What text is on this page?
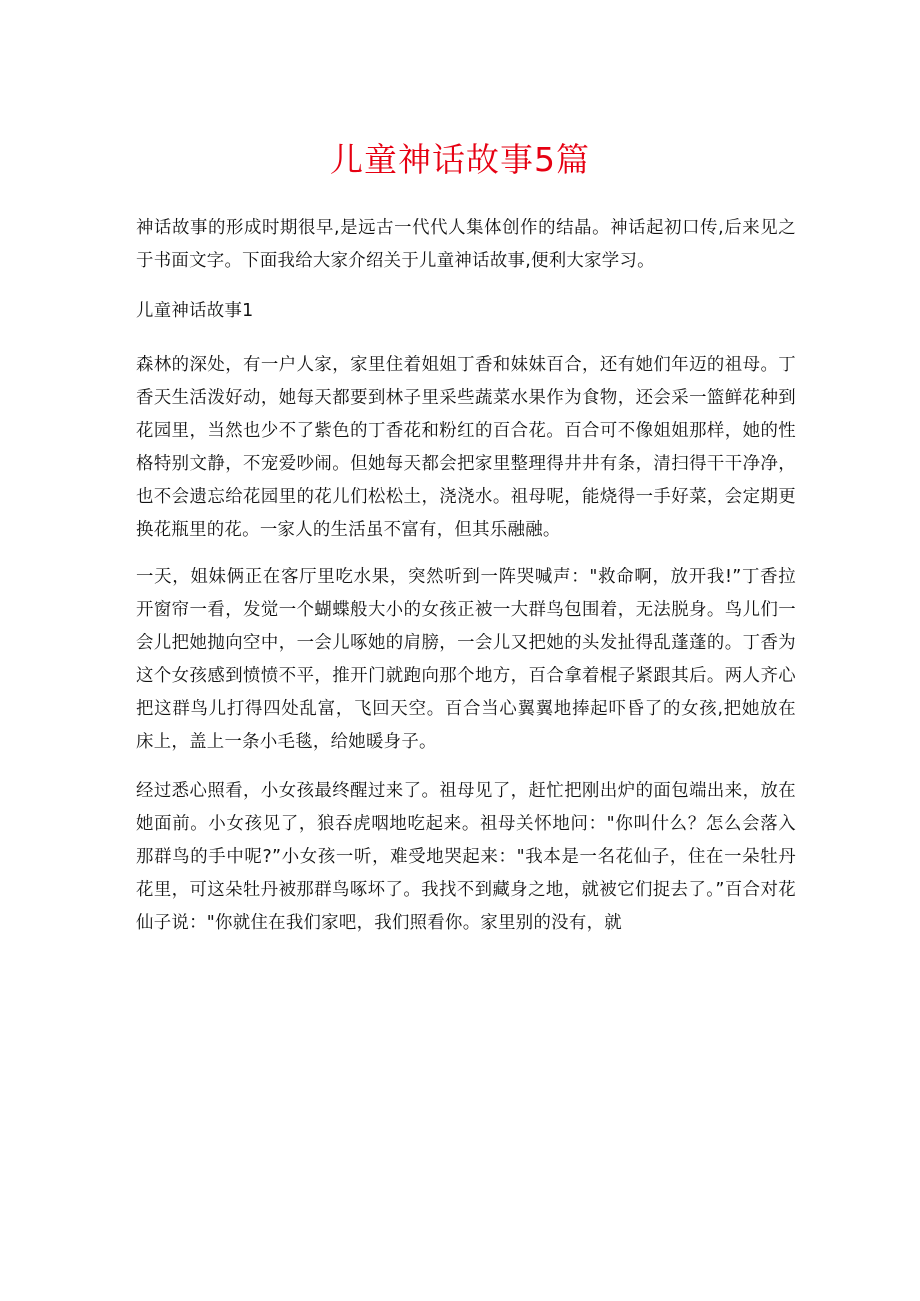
儿童神话故事5篇

神话故事的形成时期很早,是远古一代代人集体创作的结晶。神话起初口传,后来见之于书面文字。下面我给大家介绍关于儿童神话故事,便利大家学习。

儿童神话故事1

森林的深处，有一户人家，家里住着姐姐丁香和妹妹百合，还有她们年迈的祖母。丁香天生活泼好动，她每天都要到林子里采些蔬菜水果作为食物，还会采一篮鲜花种到花园里，当然也少不了紫色的丁香花和粉红的百合花。百合可不像姐姐那样，她的性格特别文静，不宠爱吵闹。但她每天都会把家里整理得井井有条，清扫得干干净净，也不会遗忘给花园里的花儿们松松土，浇浇水。祖母呢，能烧得一手好菜，会定期更换花瓶里的花。一家人的生活虽不富有，但其乐融融。

一天，姐妹俩正在客厅里吃水果，突然听到一阵哭喊声："救命啊，放开我!”丁香拉开窗帘一看，发觉一个蝴蝶般大小的女孩正被一大群鸟包围着，无法脱身。鸟儿们一会儿把她抛向空中，一会儿啄她的肩膀，一会儿又把她的头发扯得乱蓬蓬的。丁香为这个女孩感到愤愤不平，推开门就跑向那个地方，百合拿着棍子紧跟其后。两人齐心把这群鸟儿打得四处乱富，飞回天空。百合当心翼翼地捧起吓昏了的女孩,把她放在床上，盖上一条小毛毯，给她暖身子。

经过悉心照看，小女孩最终醒过来了。祖母见了，赶忙把刚出炉的面包端出来，放在她面前。小女孩见了，狼吞虎咽地吃起来。祖母关怀地问："你叫什么？怎么会落入那群鸟的手中呢?”小女孩一听，难受地哭起来："我本是一名花仙子，住在一朵牡丹花里，可这朵牡丹被那群鸟啄坏了。我找不到藏身之地，就被它们捉去了。”百合对花仙子说："你就住在我们家吧，我们照看你。家里别的没有，就
